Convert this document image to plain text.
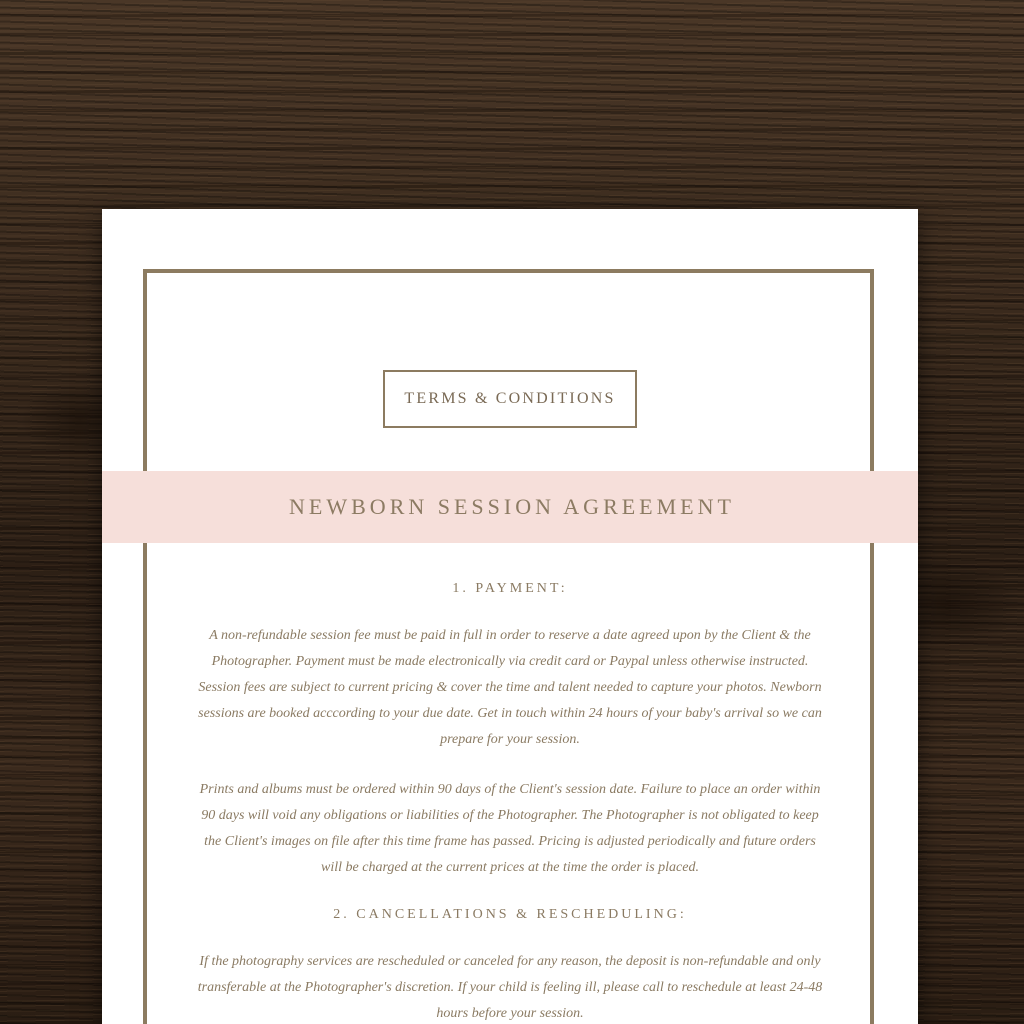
TERMS & CONDITIONS
NEWBORN SESSION AGREEMENT
1. PAYMENT:

A non-refundable session fee must be paid in full in order to reserve a date agreed upon by the Client & the Photographer. Payment must be made electronically via credit card or Paypal unless otherwise instructed. Session fees are subject to current pricing & cover the time and talent needed to capture your photos. Newborn sessions are booked acccording to your due date. Get in touch within 24 hours of your baby's arrival so we can prepare for your session.

Prints and albums must be ordered within 90 days of the Client's session date. Failure to place an order within 90 days will void any obligations or liabilities of the Photographer. The Photographer is not obligated to keep the Client's images on file after this time frame has passed. Pricing is adjusted periodically and future orders will be charged at the current prices at the time the order is placed.

2. CANCELLATIONS & RESCHEDULING:

If the photography services are rescheduled or canceled for any reason, the deposit is non-refundable and only transferable at the Photographer's discretion. If your child is feeling ill, please call to reschedule at least 24-48 hours before your session.
